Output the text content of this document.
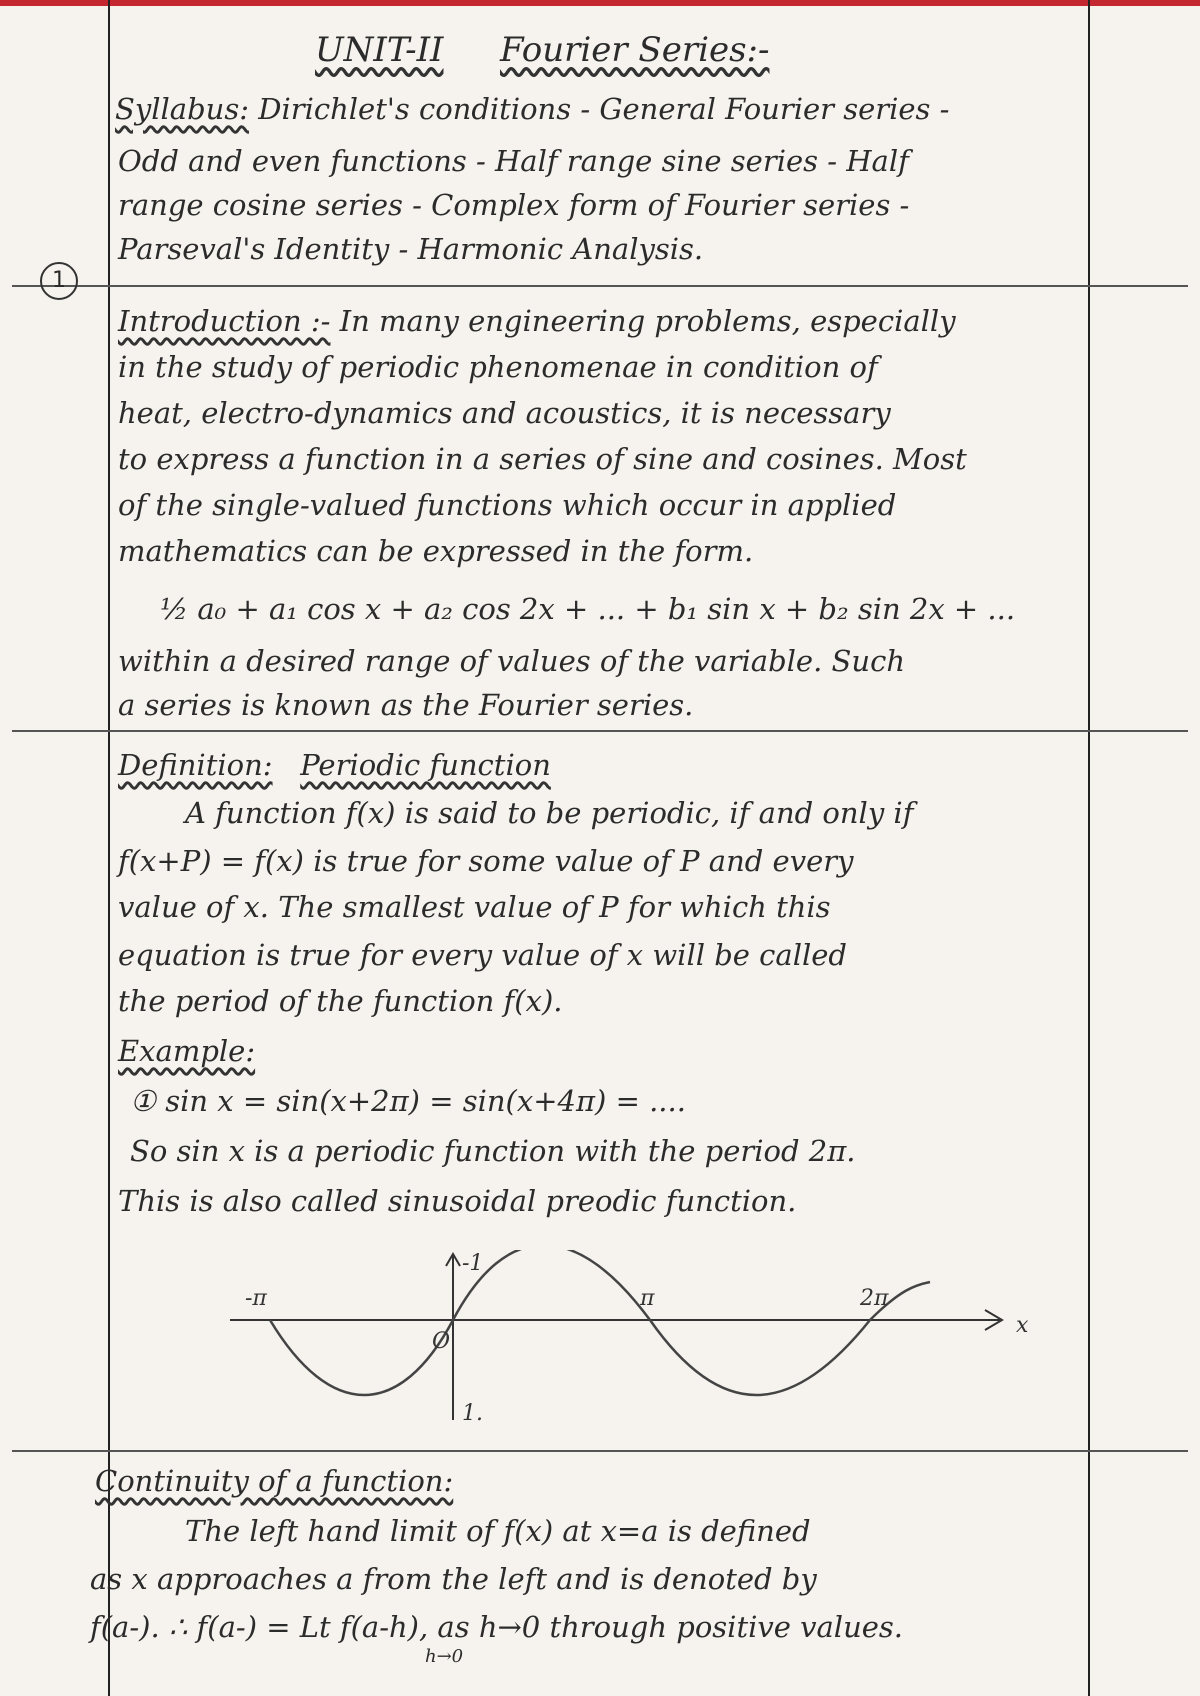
UNIT-II Fourier Series:-
Syllabus: Dirichlet's conditions - General Fourier series -
Odd and even functions - Half range sine series - Half
range cosine series - Complex form of Fourier series -
Parseval's Identity - Harmonic Analysis.
1
Introduction :- In many engineering problems, especially
in the study of periodic phenomenae in condition of
heat, electro-dynamics and acoustics, it is necessary
to express a function in a series of sine and cosines. Most
of the single-valued functions which occur in applied
mathematics can be expressed in the form.
½ a₀ + a₁ cos x + a₂ cos 2x + ... + b₁ sin x + b₂ sin 2x + ...
within a desired range of values of the variable. Such
a series is known as the Fourier series.
Definition: Periodic function
A function f(x) is said to be periodic, if and only if
f(x+P) = f(x) is true for some value of P and every
value of x. The smallest value of P for which this
equation is true for every value of x will be called
the period of the function f(x).
Example:
① sin x = sin(x+2π) = sin(x+4π) = ....
So sin x is a periodic function with the period 2π.
This is also called sinusoidal preodic function.
-π	π	2π
x
O
-1
1.
Continuity of a function:
The left hand limit of f(x) at x=a is defined
as x approaches a from the left and is denoted by
f(a-). ∴ f(a-) = Lt f(a-h), as h→0 through positive values.
h→0
